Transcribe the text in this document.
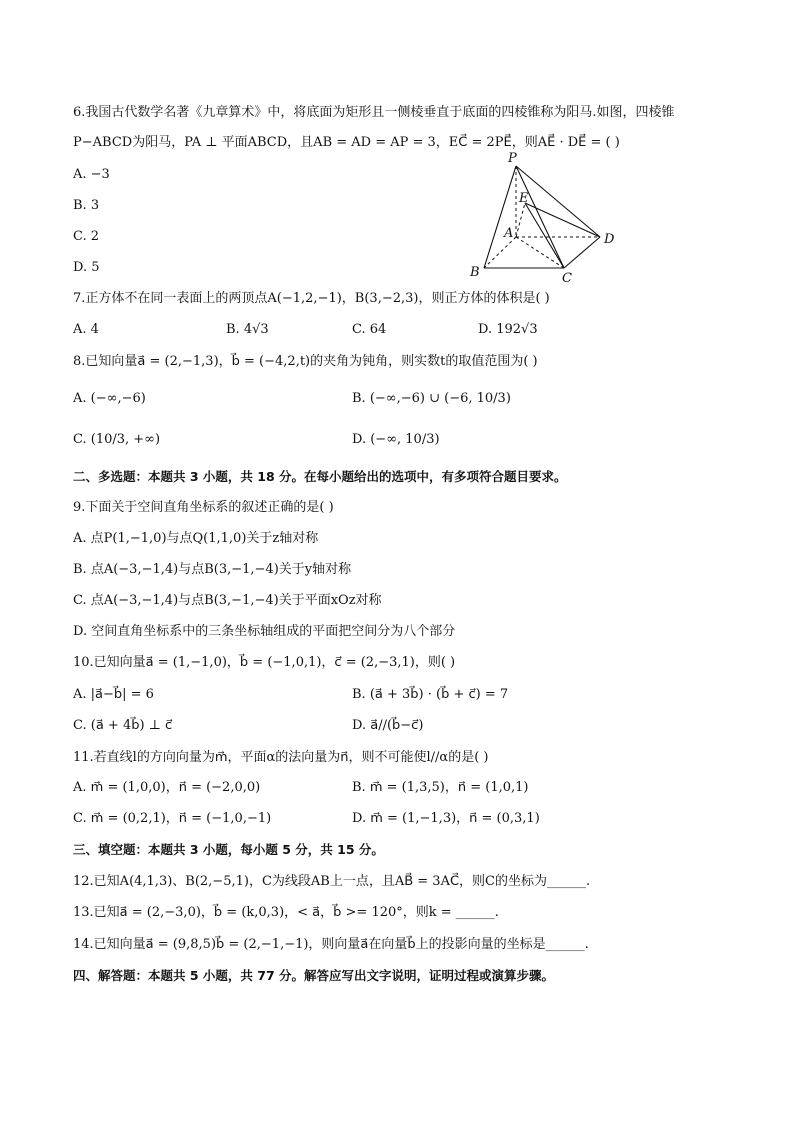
6.我国古代数学名著《九章算术》中，将底面为矩形且一侧棱垂直于底面的四棱锥称为阳马.如图，四棱锥
P−ABCD为阳马，PA ⊥ 平面ABCD，且AB = AD = AP = 3，EC⃗ = 2PE⃗，则AE⃗ · DE⃗ = ( )
A. −3
B. 3
C. 2
D. 5
P
E
A	D
B	C
7.正方体不在同一表面上的两顶点A(−1,2,−1)，B(3,−2,3)，则正方体的体积是( )
A. 4	B. 4√3	C. 64	D. 192√3
8.已知向量a⃗ = (2,−1,3)，b⃗ = (−4,2,t)的夹角为钝角，则实数t的取值范围为( )
A. (−∞,−6)	B. (−∞,−6) ∪ (−6, 10/3)
C. (10/3, +∞)	D. (−∞, 10/3)
二、多选题：本题共 3 小题，共 18 分。在每小题给出的选项中，有多项符合题目要求。
9.下面关于空间直角坐标系的叙述正确的是( )
A. 点P(1,−1,0)与点Q(1,1,0)关于z轴对称
B. 点A(−3,−1,4)与点B(3,−1,−4)关于y轴对称
C. 点A(−3,−1,4)与点B(3,−1,−4)关于平面xOz对称
D. 空间直角坐标系中的三条坐标轴组成的平面把空间分为八个部分
10.已知向量a⃗ = (1,−1,0)，b⃗ = (−1,0,1)，c⃗ = (2,−3,1)，则( )
A. |a⃗−b⃗| = 6	B. (a⃗ + 3b⃗) · (b⃗ + c⃗) = 7
C. (a⃗ + 4b⃗) ⊥ c⃗	D. a⃗//(b⃗−c⃗)
11.若直线l的方向向量为m⃗，平面α的法向量为n⃗，则不可能使l//α的是( )
A. m⃗ = (1,0,0)，n⃗ = (−2,0,0)	B. m⃗ = (1,3,5)，n⃗ = (1,0,1)
C. m⃗ = (0,2,1)，n⃗ = (−1,0,−1)	D. m⃗ = (1,−1,3)，n⃗ = (0,3,1)
三、填空题：本题共 3 小题，每小题 5 分，共 15 分。
12.已知A(4,1,3)、B(2,−5,1)，C为线段AB上一点，且AB⃗ = 3AC⃗，则C的坐标为______.
13.已知a⃗ = (2,−3,0)，b⃗ = (k,0,3)，< a⃗，b⃗ >= 120°，则k = ______.
14.已知向量a⃗ = (9,8,5)b⃗ = (2,−1,−1)，则向量a⃗在向量b⃗上的投影向量的坐标是______.
四、解答题：本题共 5 小题，共 77 分。解答应写出文字说明，证明过程或演算步骤。
